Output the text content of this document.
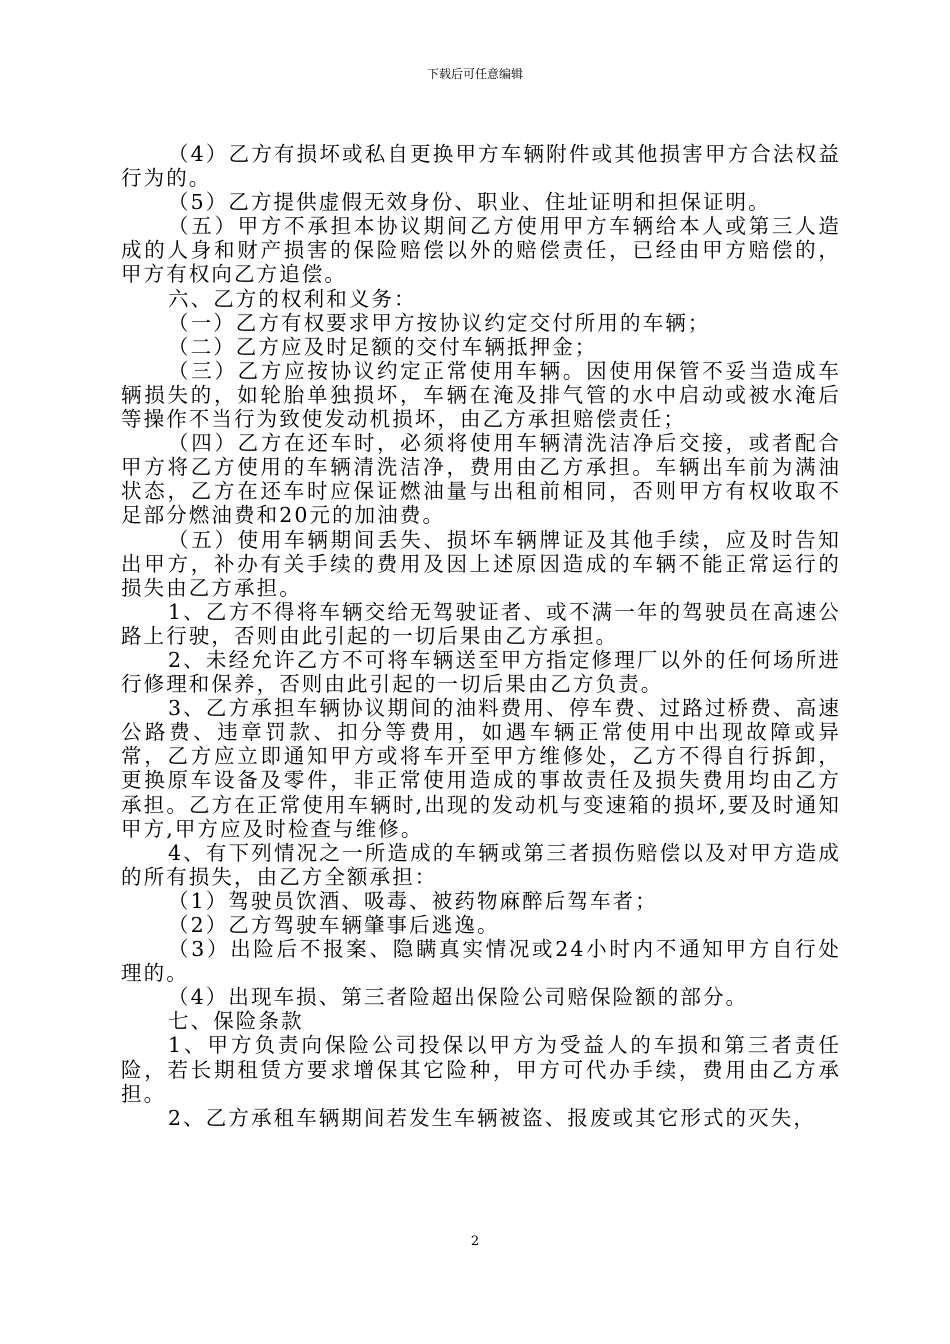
下载后可任意编辑

（4）乙方有损坏或私自更换甲方车辆附件或其他损害甲方合法权益行为的。

（5）乙方提供虚假无效身份、职业、住址证明和担保证明。

（五）甲方不承担本协议期间乙方使用甲方车辆给本人或第三人造成的人身和财产损害的保险赔偿以外的赔偿责任，已经由甲方赔偿的，甲方有权向乙方追偿。

六、乙方的权利和义务：

（一）乙方有权要求甲方按协议约定交付所用的车辆；

（二）乙方应及时足额的交付车辆抵押金；

（三）乙方应按协议约定正常使用车辆。因使用保管不妥当造成车辆损失的，如轮胎单独损坏，车辆在淹及排气管的水中启动或被水淹后等操作不当行为致使发动机损坏，由乙方承担赔偿责任；

（四）乙方在还车时，必须将使用车辆清洗洁净后交接，或者配合甲方将乙方使用的车辆清洗洁净，费用由乙方承担。车辆出车前为满油状态，乙方在还车时应保证燃油量与出租前相同，否则甲方有权收取不足部分燃油费和20元的加油费。

（五）使用车辆期间丢失、损坏车辆牌证及其他手续，应及时告知出甲方，补办有关手续的费用及因上述原因造成的车辆不能正常运行的损失由乙方承担。

1、乙方不得将车辆交给无驾驶证者、或不满一年的驾驶员在高速公路上行驶，否则由此引起的一切后果由乙方承担。

2、未经允许乙方不可将车辆送至甲方指定修理厂以外的任何场所进行修理和保养，否则由此引起的一切后果由乙方负责。

3、乙方承担车辆协议期间的油料费用、停车费、过路过桥费、高速公路费、违章罚款、扣分等费用，如遇车辆正常使用中出现故障或异常，乙方应立即通知甲方或将车开至甲方维修处，乙方不得自行拆卸，更换原车设备及零件，非正常使用造成的事故责任及损失费用均由乙方承担。乙方在正常使用车辆时,出现的发动机与变速箱的损坏,要及时通知甲方,甲方应及时检查与维修。

4、有下列情况之一所造成的车辆或第三者损伤赔偿以及对甲方造成的所有损失，由乙方全额承担：

（1）驾驶员饮酒、吸毒、被药物麻醉后驾车者；

（2）乙方驾驶车辆肇事后逃逸。

（3）出险后不报案、隐瞒真实情况或24小时内不通知甲方自行处理的。

（4）出现车损、第三者险超出保险公司赔保险额的部分。

七、保险条款

1、甲方负责向保险公司投保以甲方为受益人的车损和第三者责任险，若长期租赁方要求增保其它险种，甲方可代办手续，费用由乙方承担。

2、乙方承租车辆期间若发生车辆被盗、报废或其它形式的灭失，

2
